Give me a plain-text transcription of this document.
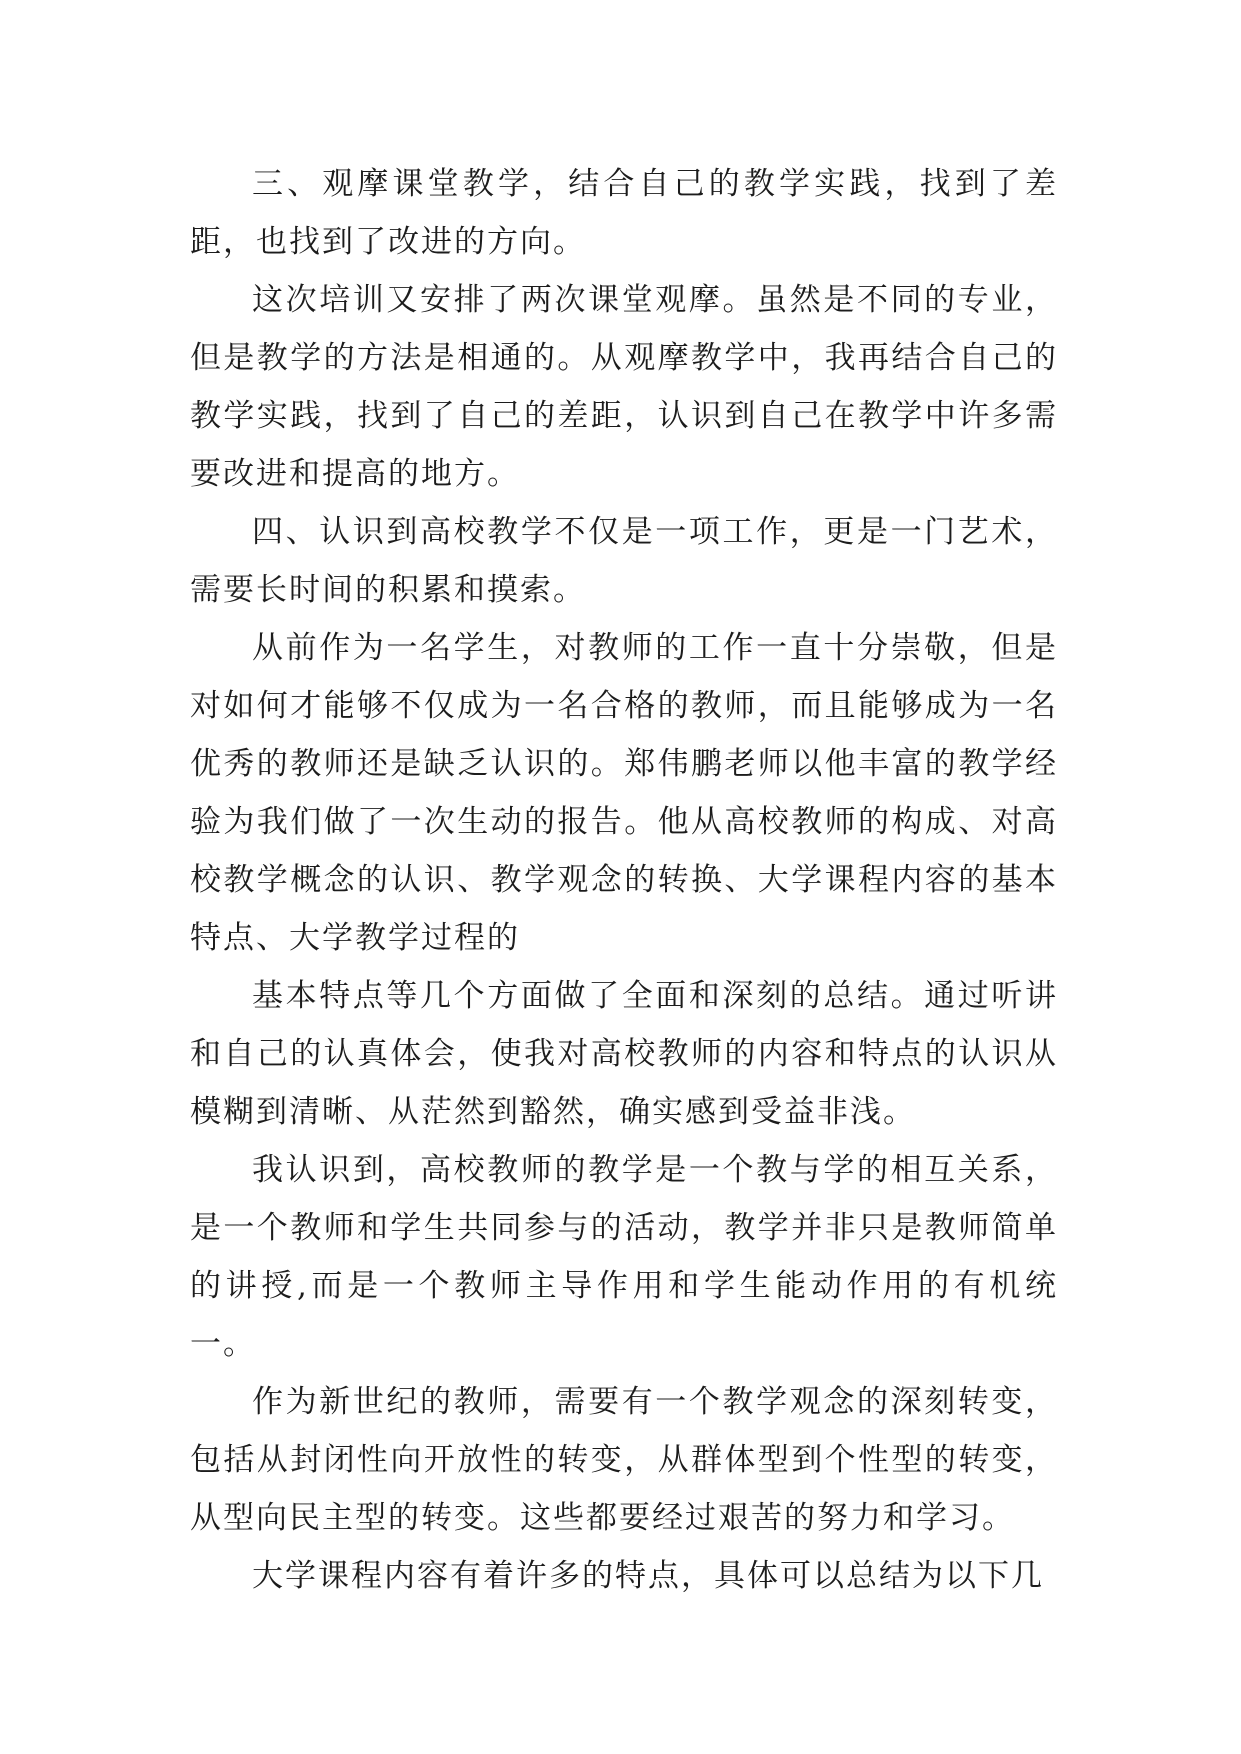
三、观摩课堂教学，结合自己的教学实践，找到了差距，也找到了改进的方向。

这次培训又安排了两次课堂观摩。虽然是不同的专业，但是教学的方法是相通的。从观摩教学中，我再结合自己的教学实践，找到了自己的差距，认识到自己在教学中许多需要改进和提高的地方。

四、认识到高校教学不仅是一项工作，更是一门艺术，需要长时间的积累和摸索。

从前作为一名学生，对教师的工作一直十分崇敬，但是对如何才能够不仅成为一名合格的教师，而且能够成为一名优秀的教师还是缺乏认识的。郑伟鹏老师以他丰富的教学经验为我们做了一次生动的报告。他从高校教师的构成、对高校教学概念的认识、教学观念的转换、大学课程内容的基本特点、大学教学过程的

基本特点等几个方面做了全面和深刻的总结。通过听讲和自己的认真体会，使我对高校教师的内容和特点的认识从模糊到清晰、从茫然到豁然，确实感到受益非浅。

我认识到，高校教师的教学是一个教与学的相互关系，是一个教师和学生共同参与的活动，教学并非只是教师简单的讲授,而是一个教师主导作用和学生能动作用的有机统一。

作为新世纪的教师，需要有一个教学观念的深刻转变，包括从封闭性向开放性的转变，从群体型到个性型的转变，从型向民主型的转变。这些都要经过艰苦的努力和学习。

大学课程内容有着许多的特点，具体可以总结为以下几
